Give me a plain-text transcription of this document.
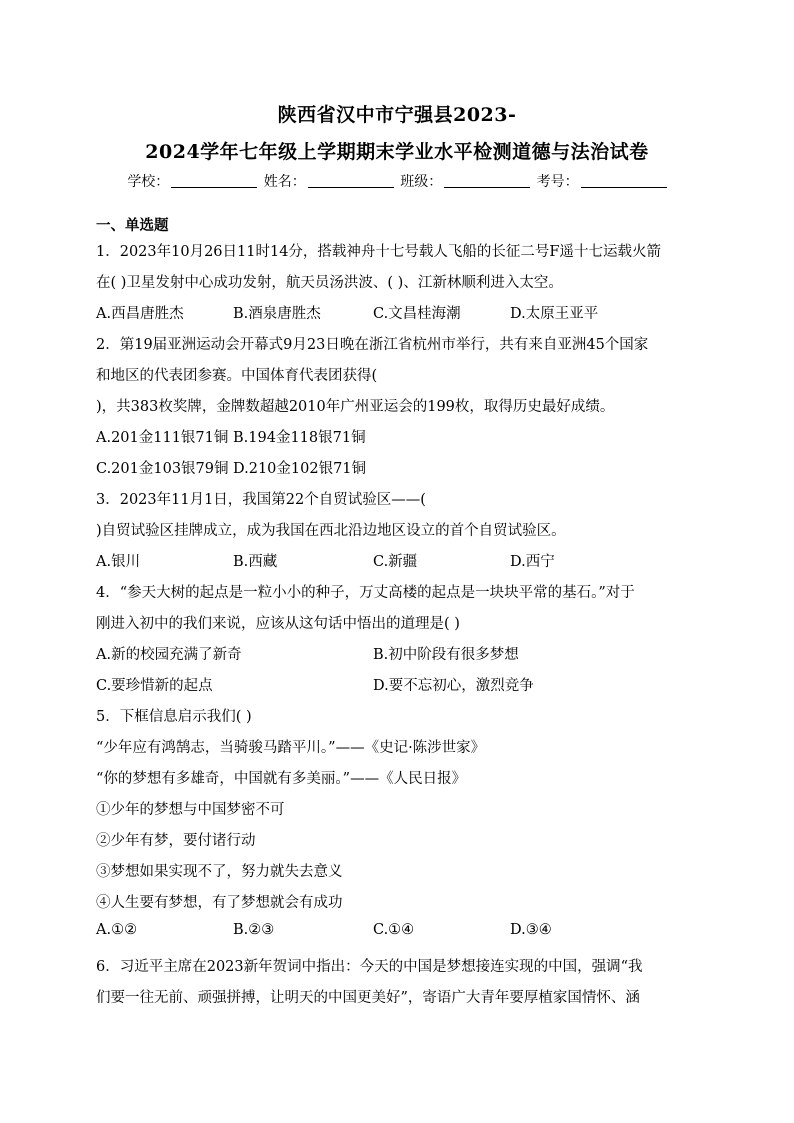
陕西省汉中市宁强县2023-
2024学年七年级上学期期末学业水平检测道德与法治试卷
学校：	姓名：	班级：	考号：
一、单选题
1．2023年10月26日11时14分，搭载神舟十七号载人飞船的长征二号F遥十七运载火箭
在( )卫星发射中心成功发射，航天员汤洪波、( )、江新林顺利进入太空。
A.西昌唐胜杰	B.酒泉唐胜杰	C.文昌桂海潮	D.太原王亚平
2．第19届亚洲运动会开幕式9月23日晚在浙江省杭州市举行，共有来自亚洲45个国家
和地区的代表团参赛。中国体育代表团获得(
)，共383枚奖牌，金牌数超越2010年广州亚运会的199枚，取得历史最好成绩。
A.201金111银71铜 B.194金118银71铜
C.201金103银79铜 D.210金102银71铜
3．2023年11月1日，我国第22个自贸试验区——(
)自贸试验区挂牌成立，成为我国在西北沿边地区设立的首个自贸试验区。
A.银川	B.西藏	C.新疆	D.西宁
4．“参天大树的起点是一粒小小的种子，万丈高楼的起点是一块块平常的基石。”对于
刚进入初中的我们来说，应该从这句话中悟出的道理是( )
A.新的校园充满了新奇	B.初中阶段有很多梦想
C.要珍惜新的起点	D.要不忘初心，激烈竞争
5．下框信息启示我们( )
“少年应有鸿鹄志，当骑骏马踏平川。”——《史记·陈涉世家》
“你的梦想有多雄奇，中国就有多美丽。”——《人民日报》
①少年的梦想与中国梦密不可
②少年有梦，要付诸行动
③梦想如果实现不了，努力就失去意义
④人生要有梦想，有了梦想就会有成功
A.①②	B.②③	C.①④	D.③④
6．习近平主席在2023新年贺词中指出：今天的中国是梦想接连实现的中国，强调“我
们要一往无前、顽强拼搏，让明天的中国更美好”，寄语广大青年要厚植家国情怀、涵
